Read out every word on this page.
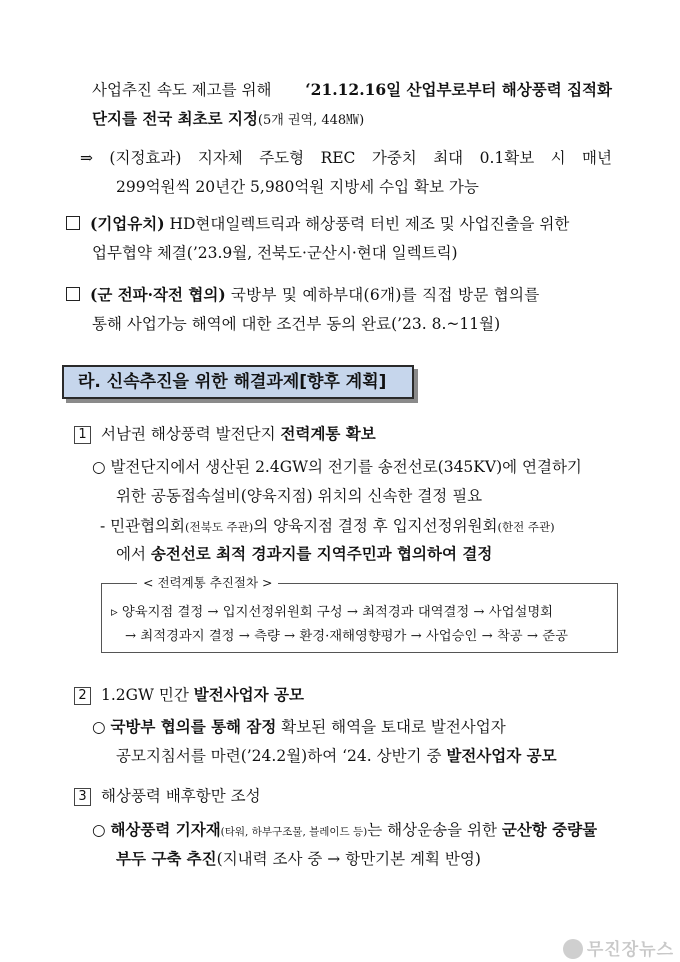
사업추진 속도 제고를 위해 ‘21.12.16일 산업부로부터 해상풍력 집적화
단지를 전국 최초로 지정(5개 권역, 448㎿)
⇒ (지정효과) 지자체 주도형 REC 가중치 최대 0.1확보 시 매년
299억원씩 20년간 5,980억원 지방세 수입 확보 가능
(기업유치) HD현대일렉트릭과 해상풍력 터빈 제조 및 사업진출을 위한
업무협약 체결(’23.9월, 전북도·군산시·현대 일렉트릭)
(군 전파·작전 협의) 국방부 및 예하부대(6개)를 직접 방문 협의를
통해 사업가능 해역에 대한 조건부 동의 완료(’23. 8.~11월)
라. 신속추진을 위한 해결과제[향후 계획]
1 서남권 해상풍력 발전단지 전력계통 확보
○ 발전단지에서 생산된 2.4GW의 전기를 송전선로(345KV)에 연결하기
위한 공동접속설비(양육지점) 위치의 신속한 결정 필요
- 민관협의회(전북도 주관)의 양육지점 결정 후 입지선정위원회(한전 주관)
에서 송전선로 최적 경과지를 지역주민과 협의하여 결정
< 전력계통 추진절차 >
▹ 양육지점 결정 → 입지선정위원회 구성 → 최적경과 대역결정 → 사업설명회
→ 최적경과지 결정 → 측량 → 환경·재해영향평가 → 사업승인 → 착공 → 준공
2 1.2GW 민간 발전사업자 공모
○ 국방부 협의를 통해 잠정 확보된 해역을 토대로 발전사업자
공모지침서를 마련(’24.2월)하여 ‘24. 상반기 중 발전사업자 공모
3 해상풍력 배후항만 조성
○ 해상풍력 기자재(타워, 하부구조물, 블레이드 등)는 해상운송을 위한 군산항 중량물
부두 구축 추진(지내력 조사 중 → 항만기본 계획 반영)
무진장뉴스
